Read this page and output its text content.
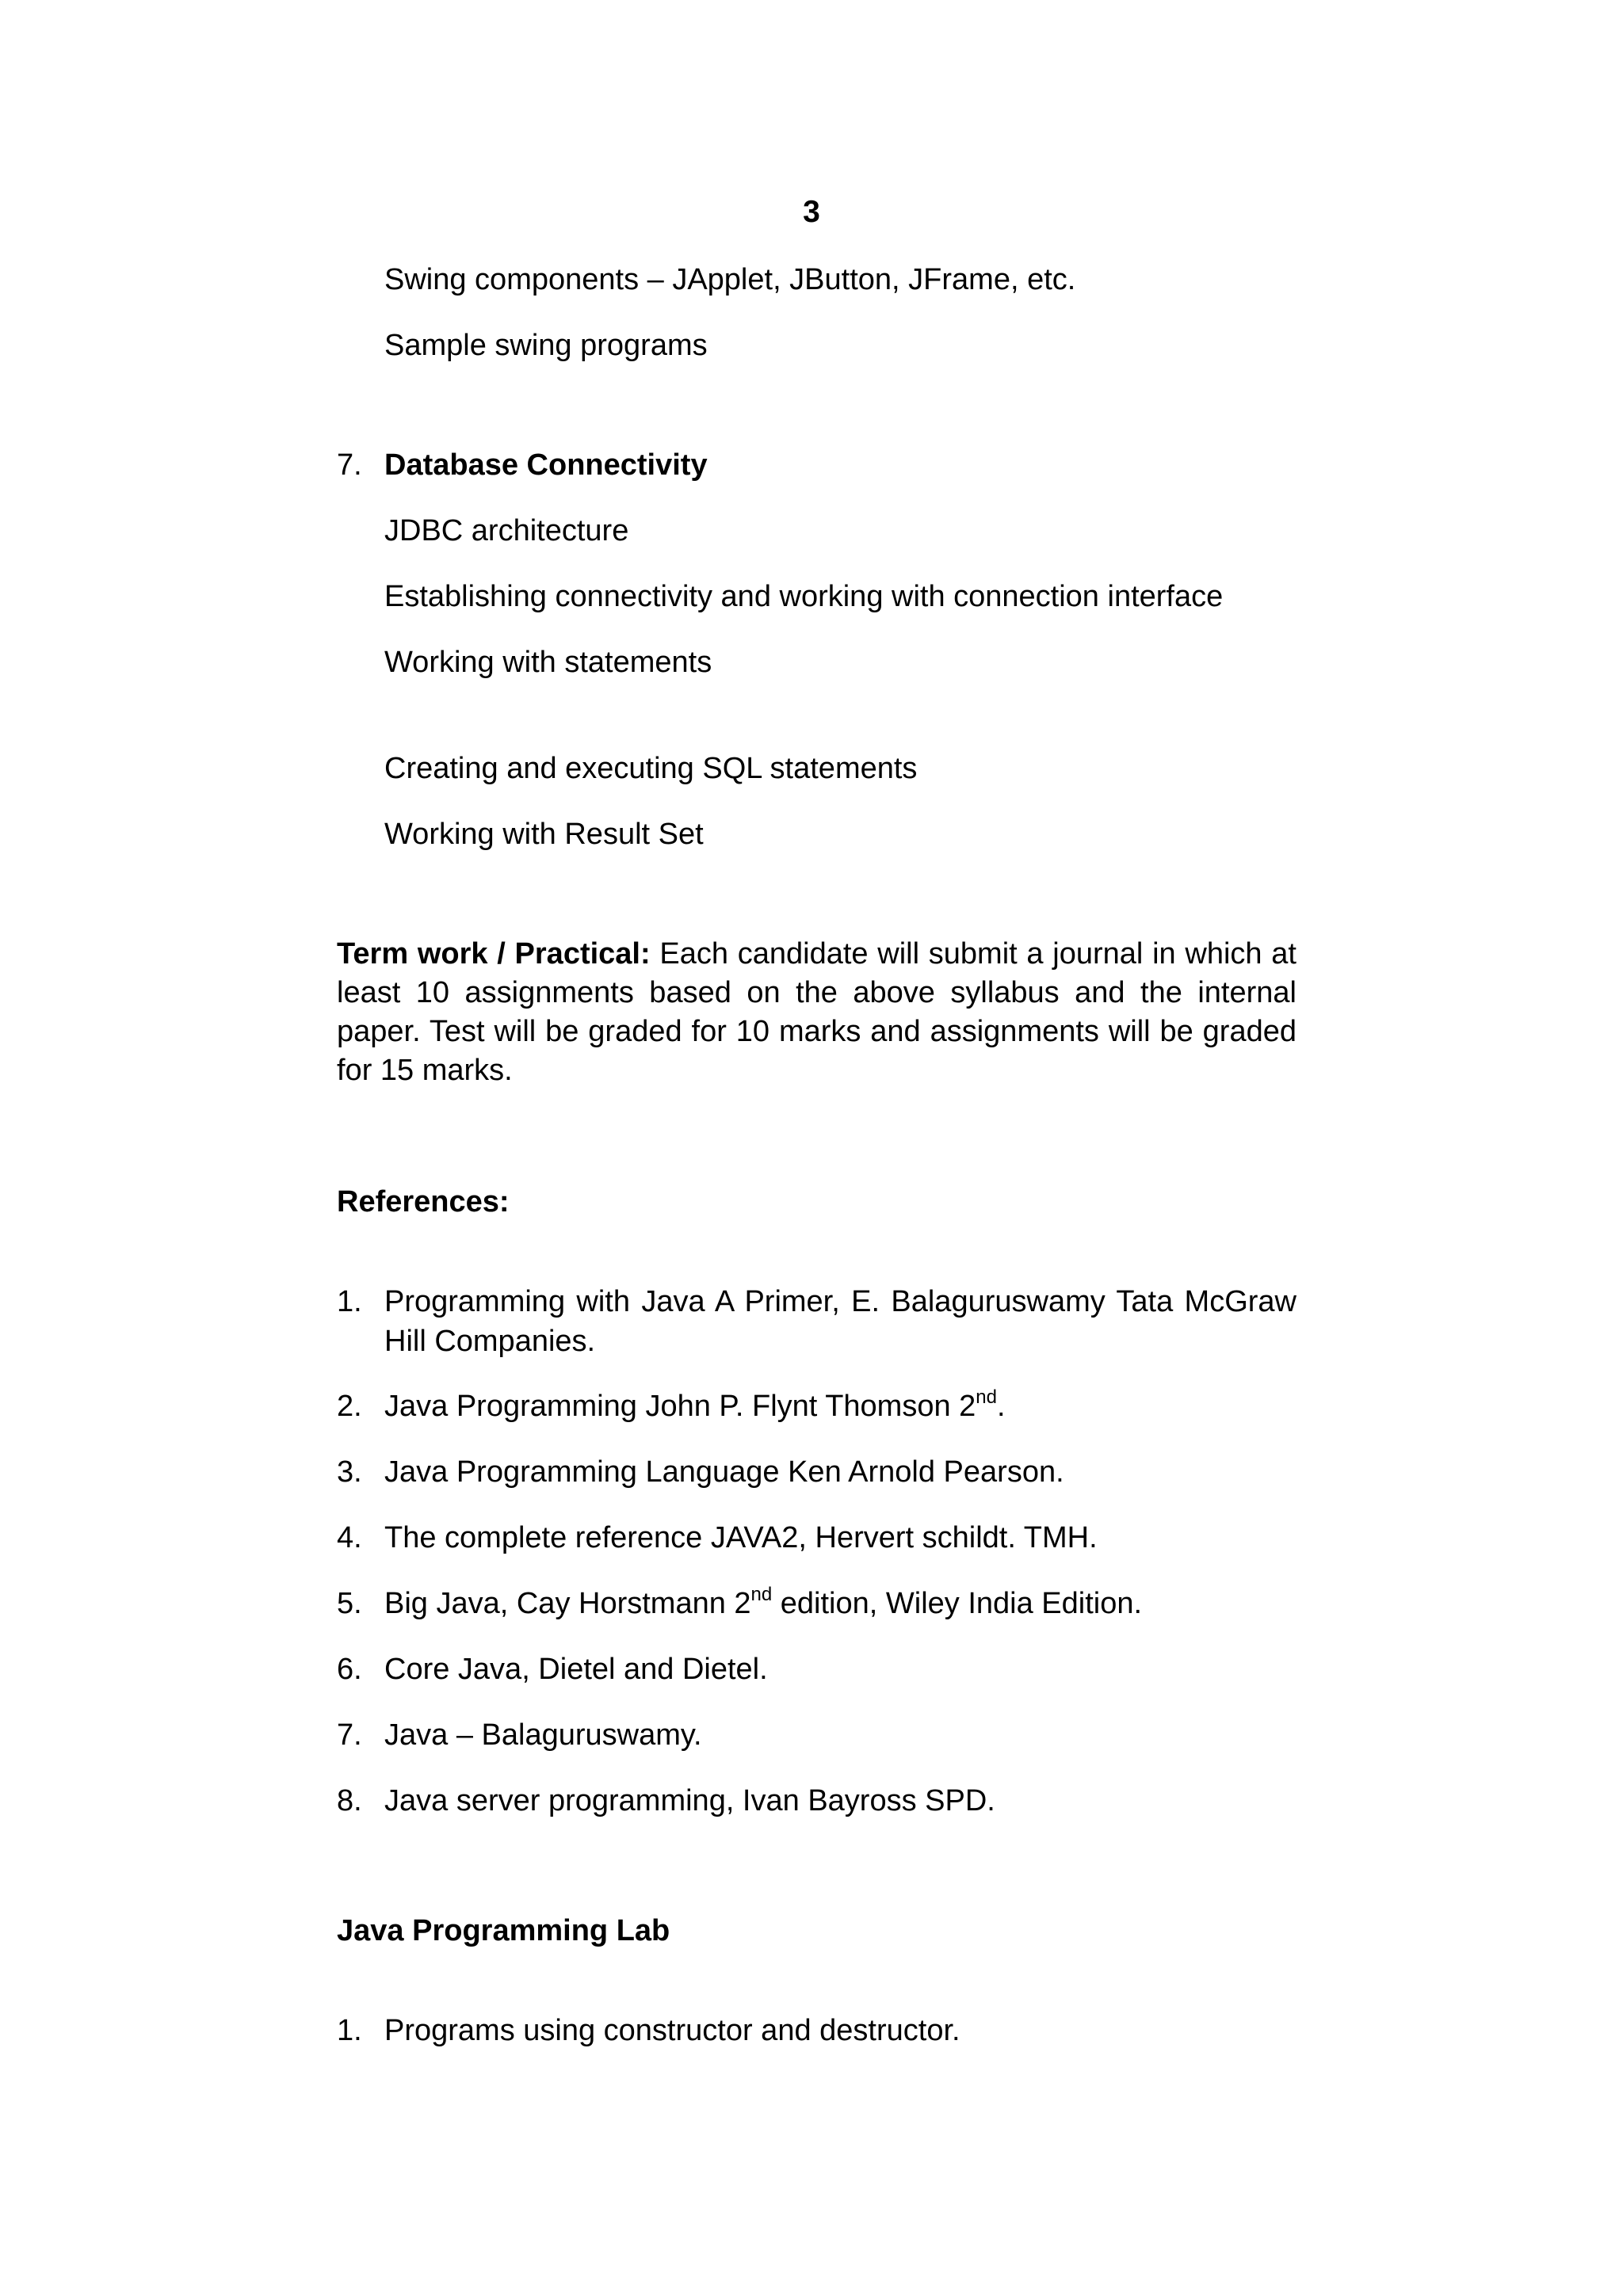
3
Swing components – JApplet, JButton, JFrame, etc.
Sample swing programs
7. Database Connectivity
JDBC architecture
Establishing connectivity and working with connection interface
Working with statements
Creating and executing SQL statements
Working with Result Set
Term work / Practical: Each candidate will submit a journal in which at least 10 assignments based on the above syllabus and the internal paper. Test will be graded for 10 marks and assignments will be graded for 15 marks.
References:
1. Programming with Java A Primer, E. Balaguruswamy Tata McGraw Hill Companies.
2. Java Programming John P. Flynt Thomson 2nd.
3. Java Programming Language Ken Arnold Pearson.
4. The complete reference JAVA2, Hervert schildt. TMH.
5. Big Java, Cay Horstmann 2nd edition, Wiley India Edition.
6. Core Java, Dietel and Dietel.
7. Java – Balaguruswamy.
8. Java server programming, Ivan Bayross SPD.
Java Programming Lab
1. Programs using constructor and destructor.
